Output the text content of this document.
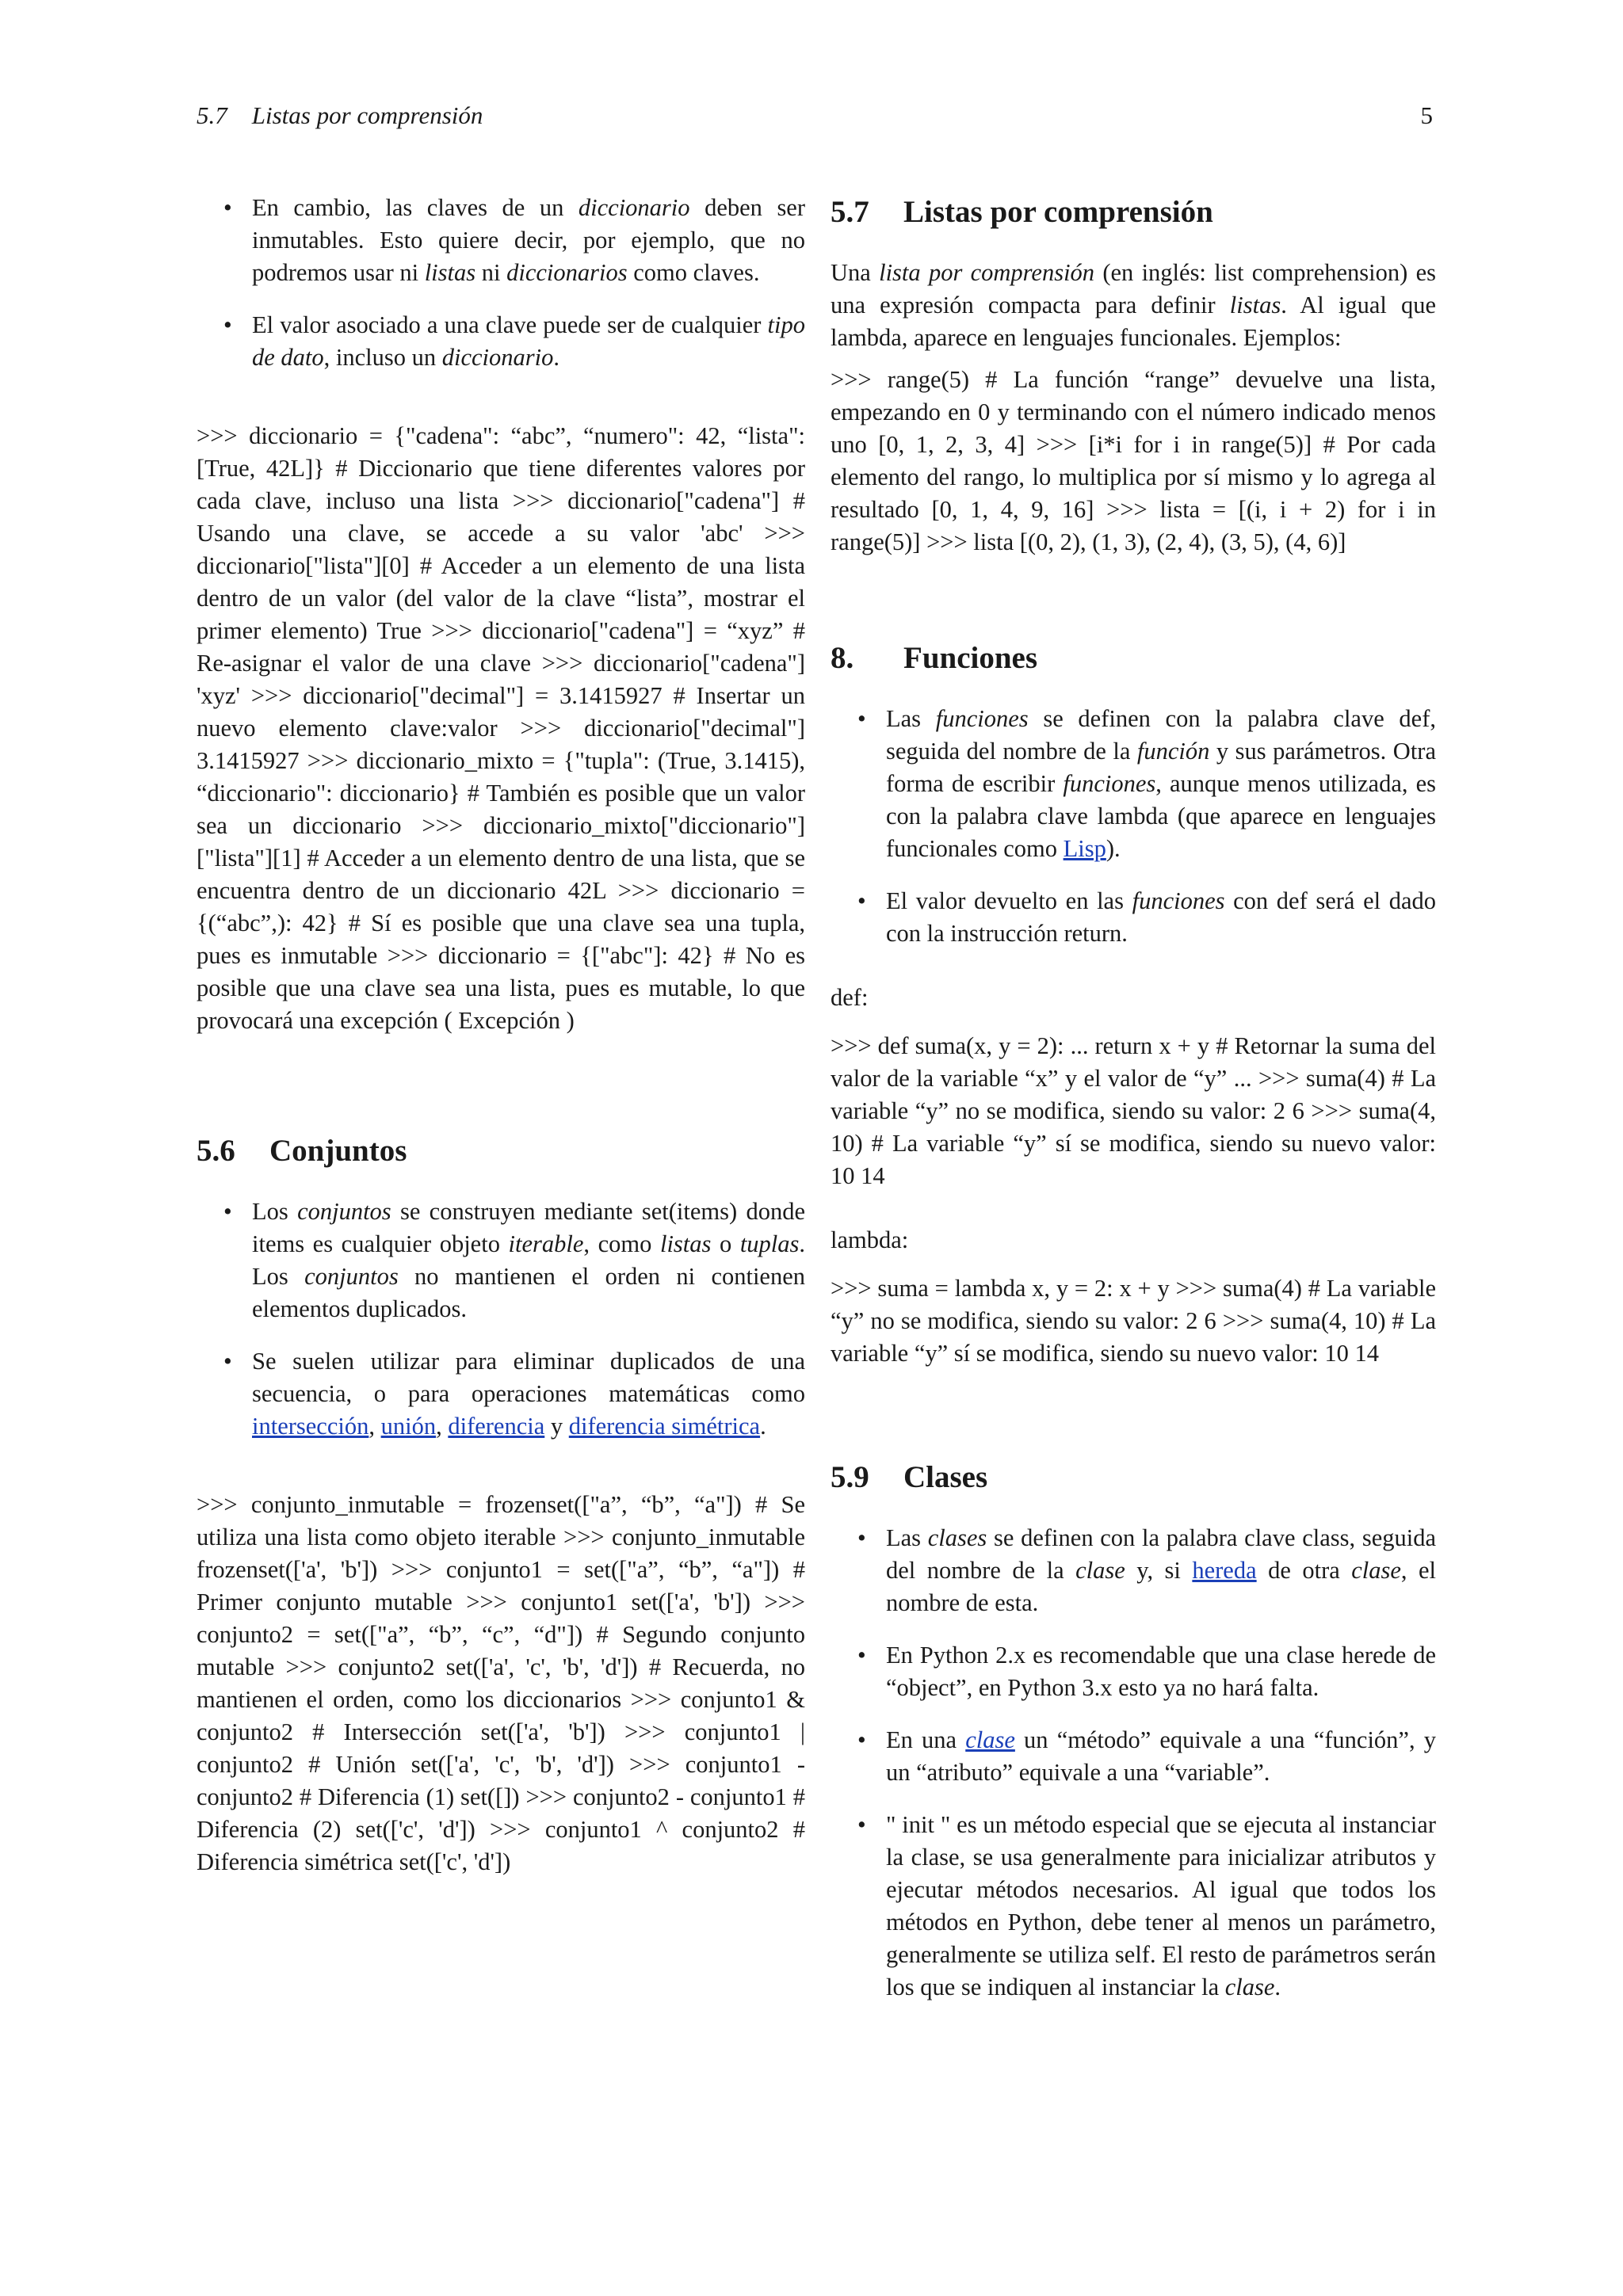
5.7 Listas por comprensión	5
• En cambio, las claves de un diccionario deben ser inmutables. Esto quiere decir, por ejemplo, que no podremos usar ni listas ni diccionarios como claves.
• El valor asociado a una clave puede ser de cualquier tipo de dato, incluso un diccionario.

>>> diccionario = {"cadena": “abc”, “numero": 42, “lista": [True, 42L]} # Diccionario que tiene diferentes valores por cada clave, incluso una lista >>> diccionario["cadena"] # Usando una clave, se accede a su valor 'abc' >>> diccionario["lista"][0] # Acceder a un elemento de una lista dentro de un valor (del valor de la clave “lista”, mostrar el primer elemento) True >>> diccionario["cadena"] = “xyz” # Re-asignar el valor de una clave >>> diccionario["cadena"] 'xyz' >>> diccionario["decimal"] = 3.1415927 # Insertar un nuevo elemento clave:valor >>> diccionario["decimal"] 3.1415927 >>> diccionario_mixto = {"tupla": (True, 3.1415), “diccionario": diccionario} # También es posible que un valor sea un diccionario >>> diccionario_mixto["diccionario"]["lista"][1] # Acceder a un elemento dentro de una lista, que se encuentra dentro de un diccionario 42L >>> diccionario = {(“abc”,): 42} # Sí es posible que una clave sea una tupla, pues es inmutable >>> diccionario = {["abc"]: 42} # No es posible que una clave sea una lista, pues es mutable, lo que provocará una excepción ( Excepción )

5.6 Conjuntos
• Los conjuntos se construyen mediante set(items) donde items es cualquier objeto iterable, como listas o tuplas. Los conjuntos no mantienen el orden ni contienen elementos duplicados.
• Se suelen utilizar para eliminar duplicados de una secuencia, o para operaciones matemáticas como intersección, unión, diferencia y diferencia simétrica.

>>> conjunto_inmutable = frozenset(["a”, “b”, “a"]) # Se utiliza una lista como objeto iterable >>> conjunto_inmutable frozenset(['a', 'b']) >>> conjunto1 = set(["a”, “b”, “a"]) # Primer conjunto mutable >>> conjunto1 set(['a', 'b']) >>> conjunto2 = set(["a”, “b”, “c”, “d"]) # Segundo conjunto mutable >>> conjunto2 set(['a', 'c', 'b', 'd']) # Recuerda, no mantienen el orden, como los diccionarios >>> conjunto1 & conjunto2 # Intersección set(['a', 'b']) >>> conjunto1 | conjunto2 # Unión set(['a', 'c', 'b', 'd']) >>> conjunto1 - conjunto2 # Diferencia (1) set([]) >>> conjunto2 - conjunto1 # Diferencia (2) set(['c', 'd']) >>> conjunto1 ^ conjunto2 # Diferencia simétrica set(['c', 'd'])

5.7 Listas por comprensión

Una lista por comprensión (en inglés: list comprehension) es una expresión compacta para definir listas. Al igual que lambda, aparece en lenguajes funcionales. Ejemplos:

>>> range(5) # La función “range” devuelve una lista, empezando en 0 y terminando con el número indicado menos uno [0, 1, 2, 3, 4] >>> [i*i for i in range(5)] # Por cada elemento del rango, lo multiplica por sí mismo y lo agrega al resultado [0, 1, 4, 9, 16] >>> lista = [(i, i + 2) for i in range(5)] >>> lista [(0, 2), (1, 3), (2, 4), (3, 5), (4, 6)]

8. Funciones
• Las funciones se definen con la palabra clave def, seguida del nombre de la función y sus parámetros. Otra forma de escribir funciones, aunque menos utilizada, es con la palabra clave lambda (que aparece en lenguajes funcionales como Lisp).
• El valor devuelto en las funciones con def será el dado con la instrucción return.

def:

>>> def suma(x, y = 2): ... return x + y # Retornar la suma del valor de la variable “x” y el valor de “y” ... >>> suma(4) # La variable “y” no se modifica, siendo su valor: 2 6 >>> suma(4, 10) # La variable “y” sí se modifica, siendo su nuevo valor: 10 14

lambda:

>>> suma = lambda x, y = 2: x + y >>> suma(4) # La variable “y” no se modifica, siendo su valor: 2 6 >>> suma(4, 10) # La variable “y” sí se modifica, siendo su nuevo valor: 10 14

5.9 Clases
• Las clases se definen con la palabra clave class, seguida del nombre de la clase y, si hereda de otra clase, el nombre de esta.
• En Python 2.x es recomendable que una clase herede de “object”, en Python 3.x esto ya no hará falta.
• En una clase un “método” equivale a una “función”, y un “atributo” equivale a una “variable”.
• " init " es un método especial que se ejecuta al instanciar la clase, se usa generalmente para inicializar atributos y ejecutar métodos necesarios. Al igual que todos los métodos en Python, debe tener al menos un parámetro, generalmente se utiliza self. El resto de parámetros serán los que se indiquen al instanciar la clase.
